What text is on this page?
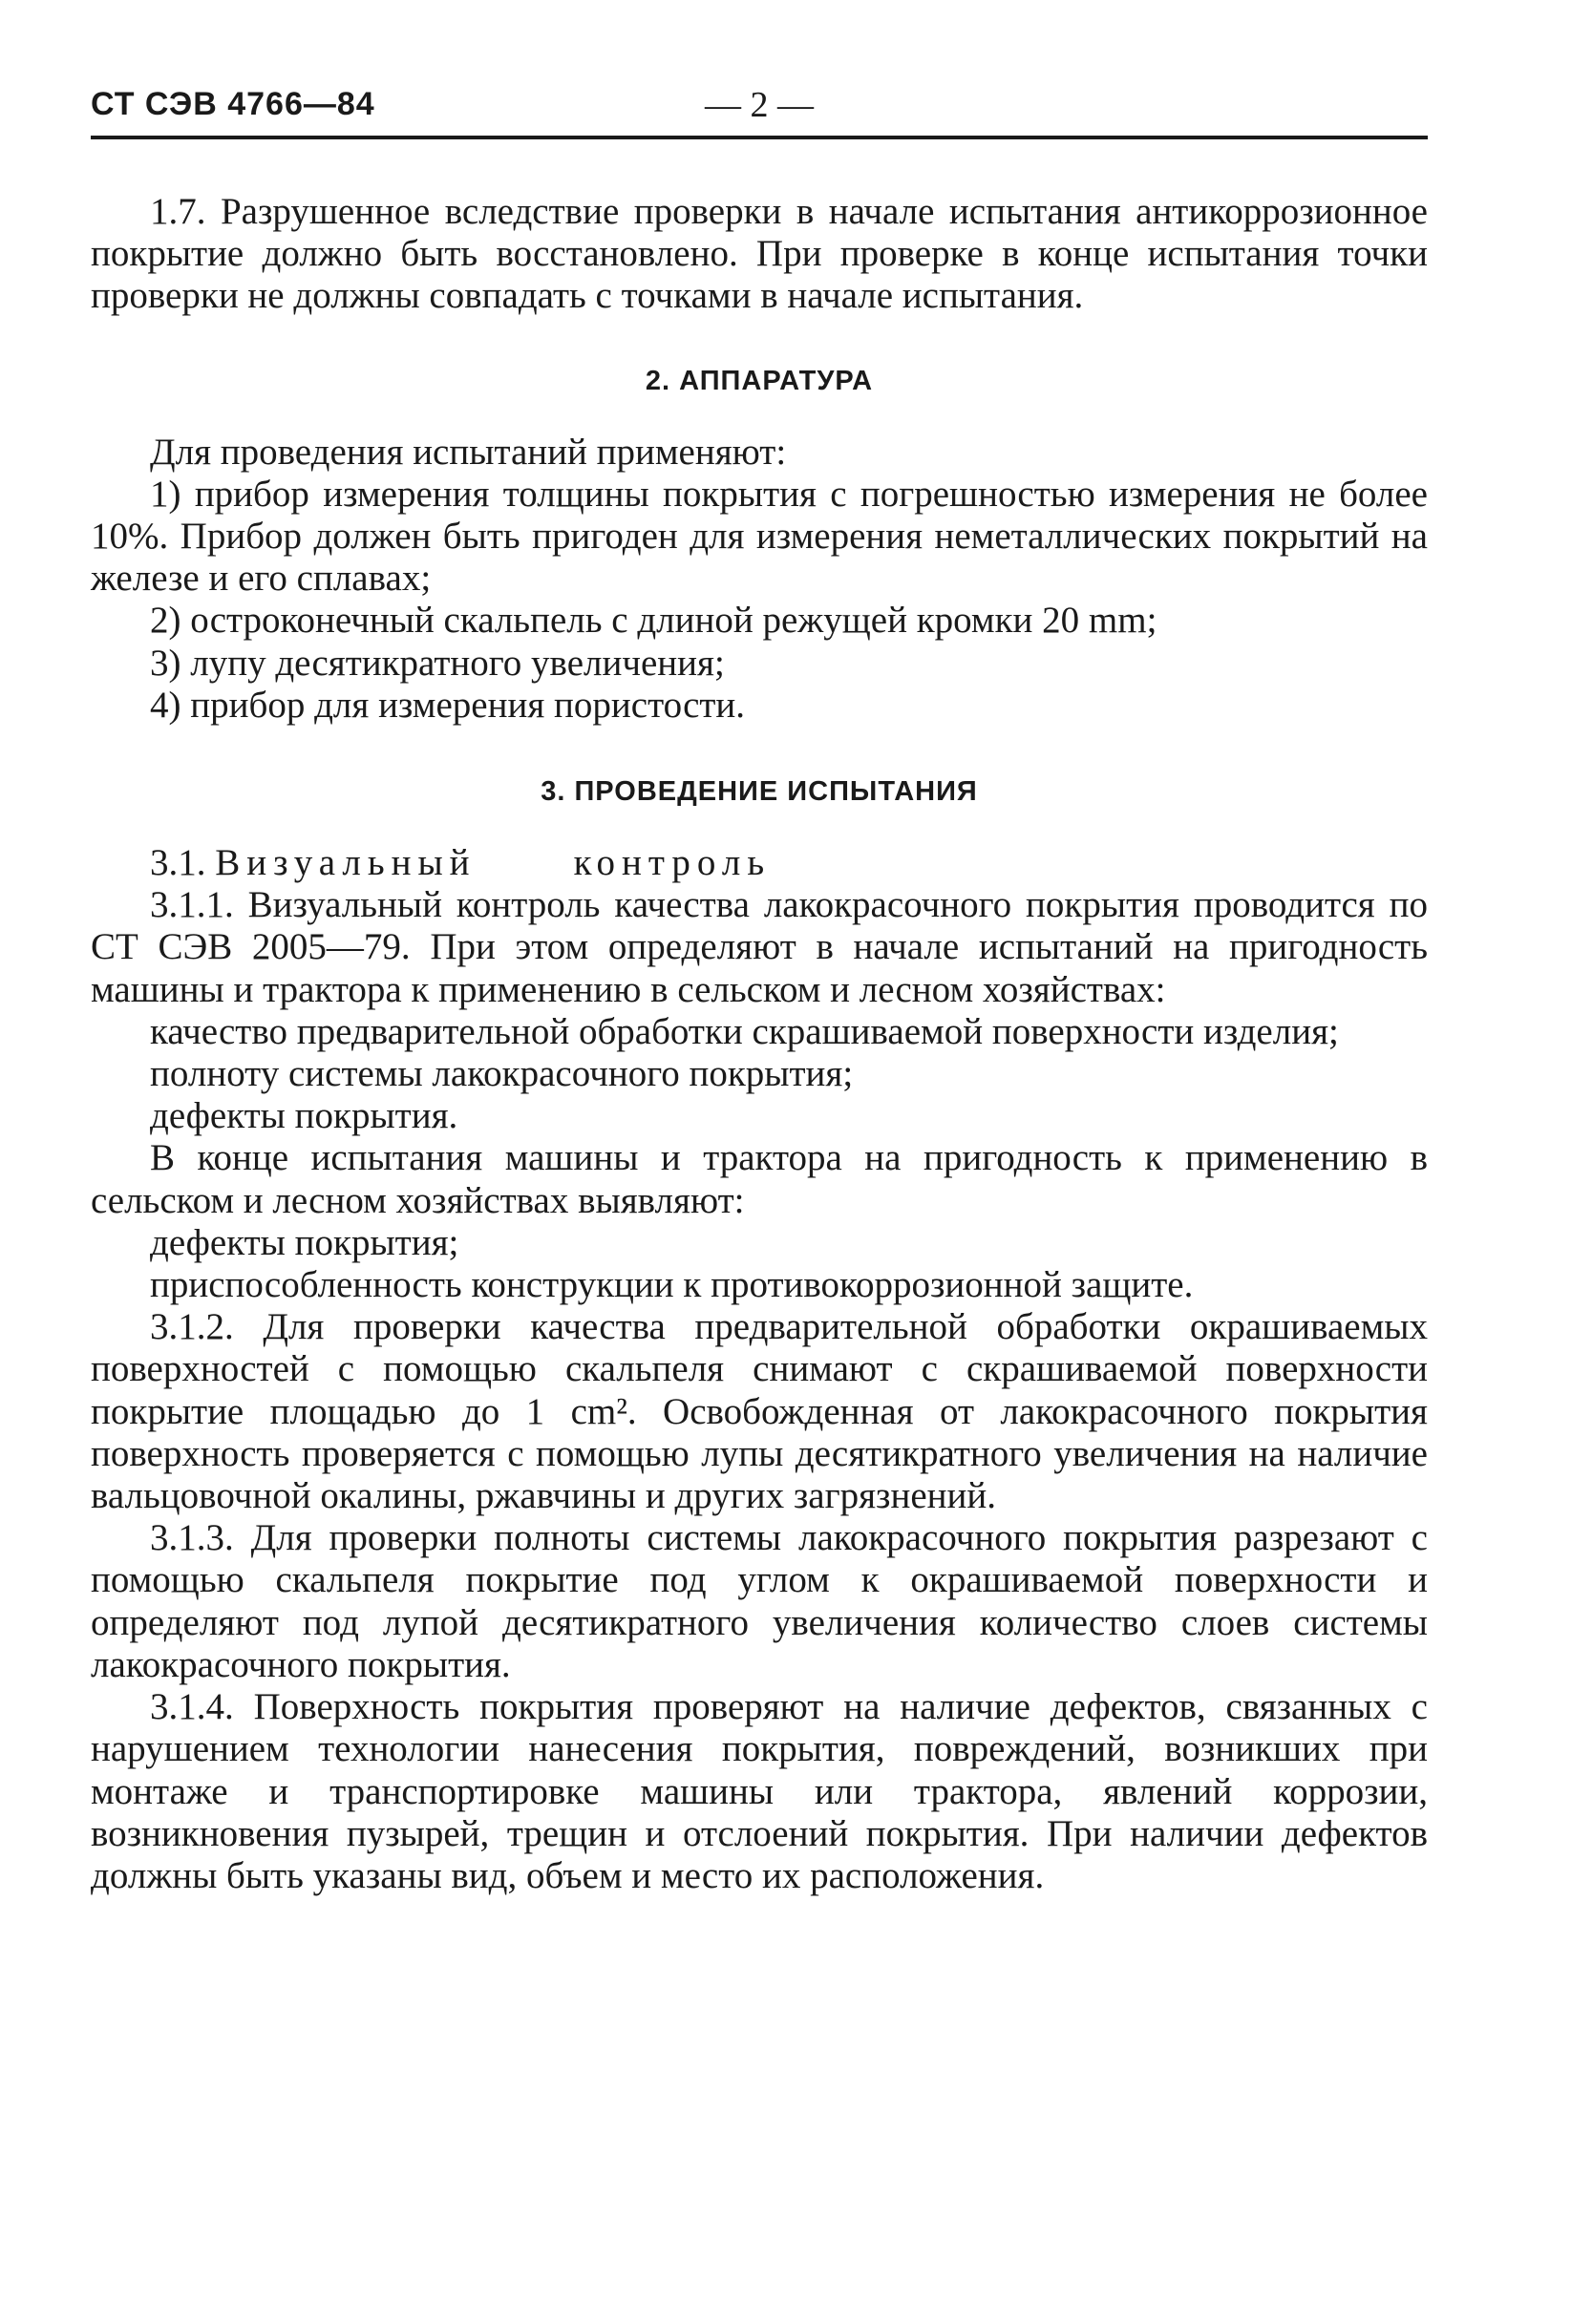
СТ СЭВ 4766—84	— 2 —

1.7. Разрушенное вследствие проверки в начале испытания антикоррозионное покрытие должно быть восстановлено. При проверке в конце испытания точки проверки не должны совпадать с точками в начале испытания.

2. АППАРАТУРА

Для проведения испытаний применяют:

1) прибор измерения толщины покрытия с погрешностью измерения не более 10%. Прибор должен быть пригоден для измерения неметаллических покрытий на железе и его сплавах;

2) остроконечный скальпель с длиной режущей кромки 20 mm;

3) лупу десятикратного увеличения;

4) прибор для измерения пористости.

3. ПРОВЕДЕНИЕ ИСПЫТАНИЯ

3.1. Визуальный	контроль

3.1.1. Визуальный контроль качества лакокрасочного покрытия проводится по СТ СЭВ 2005—79. При этом определяют в начале испытаний на пригодность машины и трактора к применению в сельском и лесном хозяйствах:

качество предварительной обработки скрашиваемой поверхности изделия;

полноту системы лакокрасочного покрытия;

дефекты покрытия.

В конце испытания машины и трактора на пригодность к применению в сельском и лесном хозяйствах выявляют:

дефекты покрытия;

приспособленность конструкции к противокоррозионной защите.

3.1.2. Для проверки качества предварительной обработки окрашиваемых поверхностей с помощью скальпеля снимают с скрашиваемой поверхности покрытие площадью до 1 cm². Освобожденная от лакокрасочного покрытия поверхность проверяется с помощью лупы десятикратного увеличения на наличие вальцовочной окалины, ржавчины и других загрязнений.

3.1.3. Для проверки полноты системы лакокрасочного покрытия разрезают с помощью скальпеля покрытие под углом к окрашиваемой поверхности и определяют под лупой десятикратного увеличения количество слоев системы лакокрасочного покрытия.

3.1.4. Поверхность покрытия проверяют на наличие дефектов, связанных с нарушением технологии нанесения покрытия, повреждений, возникших при монтаже и транспортировке машины или трактора, явлений коррозии, возникновения пузырей, трещин и отслоений покрытия. При наличии дефектов должны быть указаны вид, объем и место их расположения.
